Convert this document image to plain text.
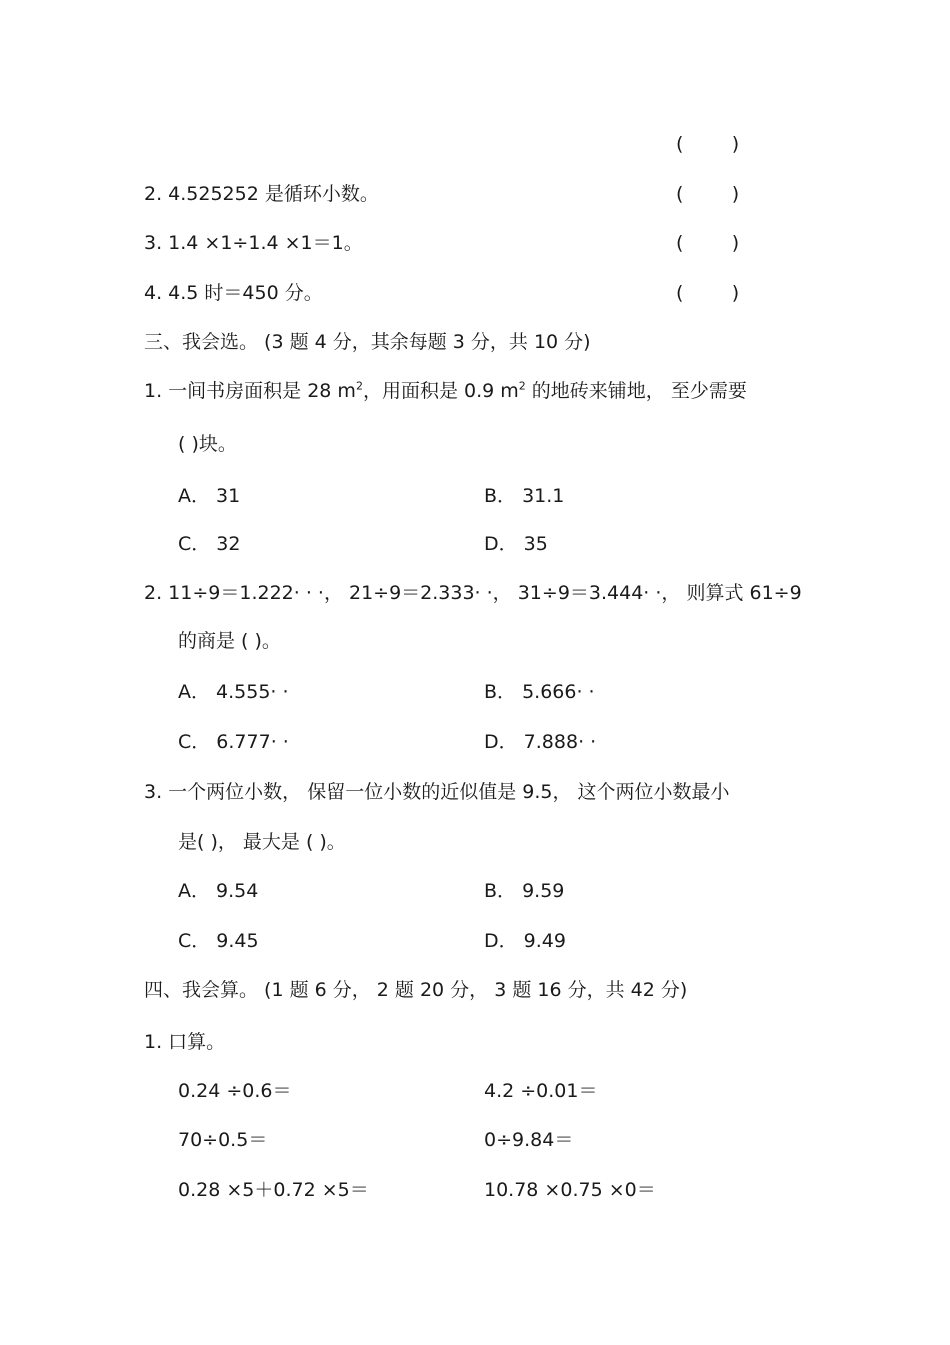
(        )
2. 4.525252 是循环小数。	(        )
3. 1.4 ×1÷1.4 ×1＝1。	(        )
4. 4.5 时＝450 分。	(        )
三、我会选。 (3 题 4 分，其余每题 3 分，共 10 分)
1. 一间书房面积是 28 $m^2$，用面积是 0.9 $m^2$ 的地砖来铺地， 至少需要
( )块。
A． 31	B． 31.1
C． 32	D． 35
2. 11÷9＝1.222· · ·， 21÷9＝2.333· ·， 31÷9＝3.444· ·， 则算式 61÷9
的商是 ( )。
A． 4.555· ·	B． 5.666· ·
C． 6.777· ·	D． 7.888· ·
3. 一个两位小数， 保留一位小数的近似值是 9.5， 这个两位小数最小
是( )， 最大是 ( )。
A． 9.54	B． 9.59
C． 9.45	D． 9.49
四、我会算。 (1 题 6 分， 2 题 20 分， 3 题 16 分，共 42 分)
1. 口算。
0.24 ÷0.6＝	4.2 ÷0.01＝
70÷0.5＝	0÷9.84＝
0.28 ×5＋0.72 ×5＝	10.78 ×0.75 ×0＝
